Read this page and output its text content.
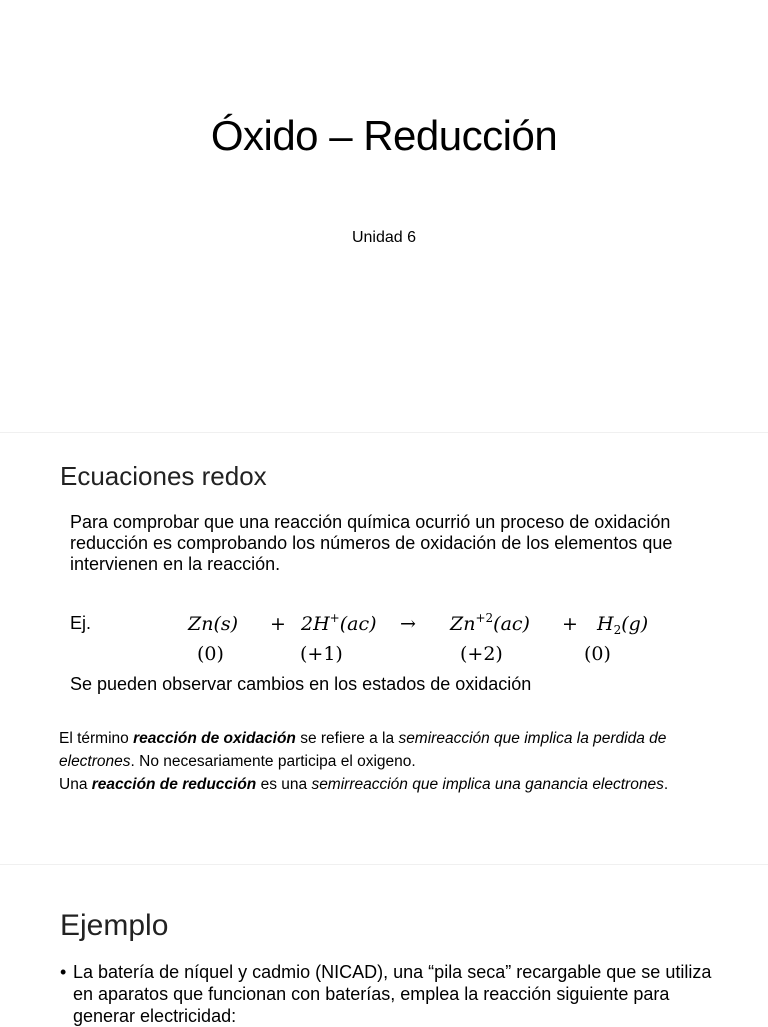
Óxido – Reducción
Unidad 6
Ecuaciones redox
Para comprobar que una reacción química ocurrió un proceso de oxidación reducción es comprobando los números de oxidación de los elementos que intervienen en la reacción.
Ej.	$Zn(s) + 2H^+(ac) \to Zn^{+2}(ac) + H_2(g)$
(0)	(+1)	(+2)	(0)
Se pueden observar cambios en los estados de oxidación
El término reacción de oxidación se refiere a la semireacción que implica la perdida de electrones. No necesariamente participa el oxigeno.
Una reacción de reducción es una semirreacción que implica una ganancia electrones.
Ejemplo
• La batería de níquel y cadmio (NICAD), una “pila seca” recargable que se utiliza en aparatos que funcionan con baterías, emplea la reacción siguiente para generar electricidad:
